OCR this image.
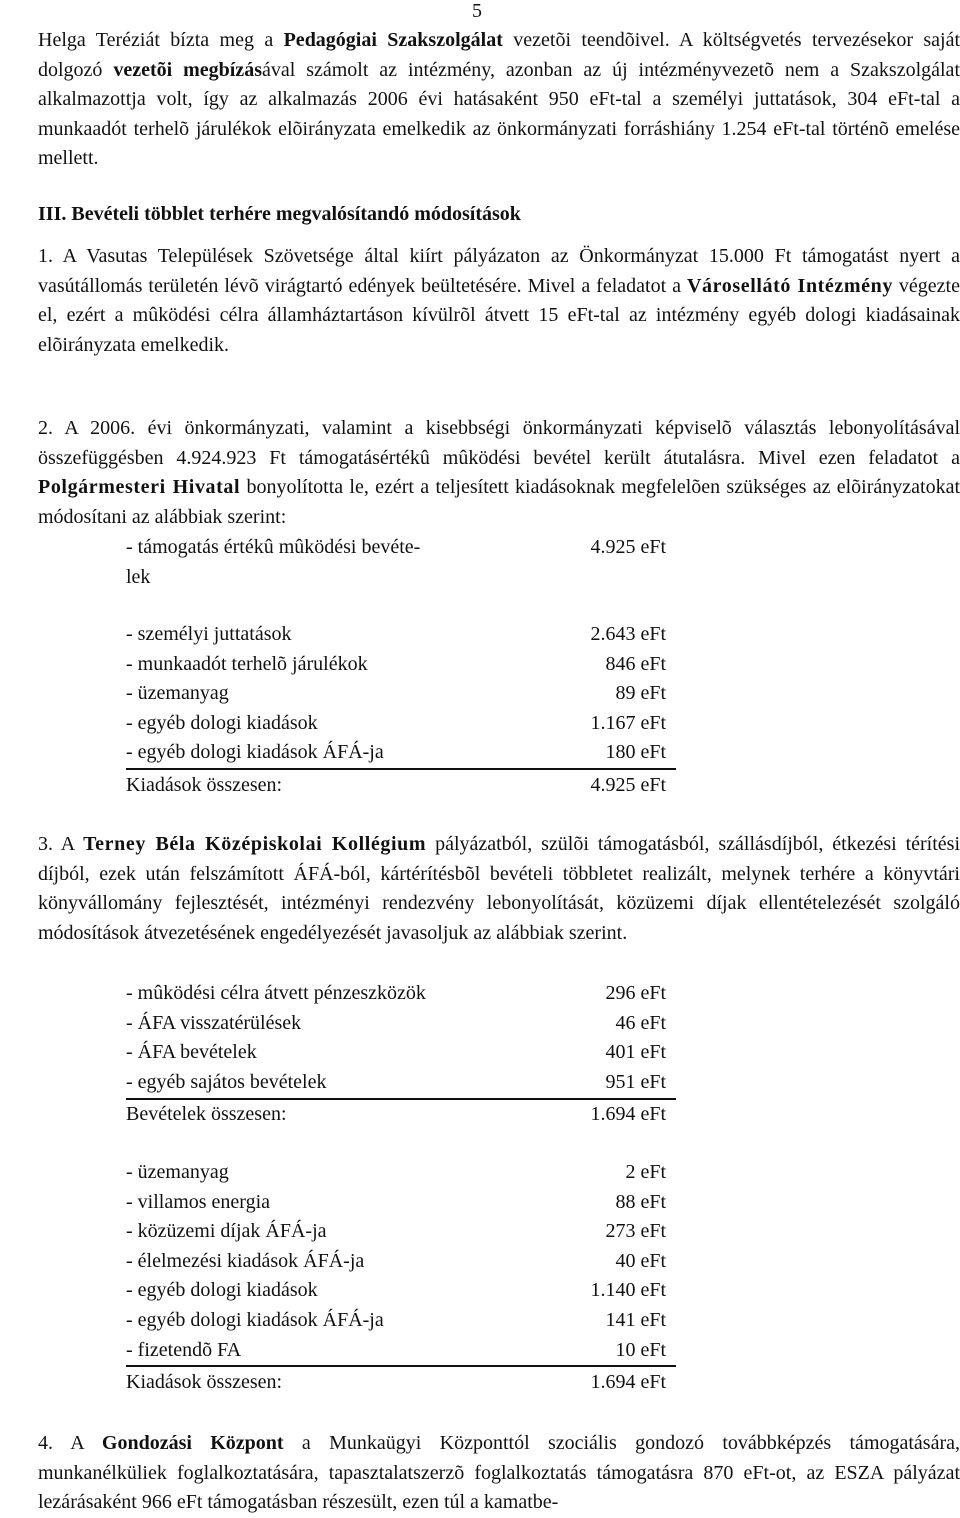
5
Helga Teréziát bízta meg a Pedagógiai Szakszolgálat vezetõi teendõivel. A költségvetés tervezésekor saját dolgozó vezetõi megbízásával számolt az intézmény, azonban az új intézményvezetõ nem a Szakszolgálat alkalmazottja volt, így az alkalmazás 2006 évi hatásaként 950 eFt-tal a személyi juttatások, 304 eFt-tal a munkaadót terhelõ járulékok elõirányzata emelkedik az önkormányzati forráshiány 1.254 eFt-tal történõ emelése mellett.
III. Bevételi többlet terhére megvalósítandó módosítások
1. A Vasutas Települések Szövetsége által kiírt pályázaton az Önkormányzat 15.000 Ft támogatást nyert a vasútállomás területén lévõ virágtartó edények beültetésére. Mivel a feladatot a Városellátó Intézmény végezte el, ezért a mûködési célra államháztartáson kívülrõl átvett 15 eFt-tal az intézmény egyéb dologi kiadásainak elõirányzata emelkedik.
2. A 2006. évi önkormányzati, valamint a kisebbségi önkormányzati képviselõ választás lebonyolításával összefüggésben 4.924.923 Ft támogatásértékû mûködési bevétel került átutalásra. Mivel ezen feladatot a Polgármesteri Hivatal bonyolította le, ezért a teljesített kiadásoknak megfelelõen szükséges az elõirányzatokat módosítani az alábbiak szerint:
- támogatás értékû mûködési bevéte-	4.925 eFt
lek
- személyi juttatások	2.643 eFt
- munkaadót terhelõ járulékok	846 eFt
- üzemanyag	89 eFt
- egyéb dologi kiadások	1.167 eFt
- egyéb dologi kiadások ÁFÁ-ja	180 eFt
Kiadások összesen:	4.925 eFt
3. A Terney Béla Középiskolai Kollégium pályázatból, szülõi támogatásból, szállásdíjból, étkezési térítési díjból, ezek után felszámított ÁFÁ-ból, kártérítésbõl bevételi többletet realizált, melynek terhére a könyvtári könyvállomány fejlesztését, intézményi rendezvény lebonyolítását, közüzemi díjak ellentételezését szolgáló módosítások átvezetésének engedélyezését javasoljuk az alábbiak szerint.
- mûködési célra átvett pénzeszközök	296 eFt
- ÁFA visszatérülések	46 eFt
- ÁFA bevételek	401 eFt
- egyéb sajátos bevételek	951 eFt
Bevételek összesen:	1.694 eFt
- üzemanyag	2 eFt
- villamos energia	88 eFt
- közüzemi díjak ÁFÁ-ja	273 eFt
- élelmezési kiadások ÁFÁ-ja	40 eFt
- egyéb dologi kiadások	1.140 eFt
- egyéb dologi kiadások ÁFÁ-ja	141 eFt
- fizetendõ FA	10 eFt
Kiadások összesen:	1.694 eFt
4. A Gondozási Központ a Munkaügyi Központtól szociális gondozó továbbképzés támogatására, munkanélküliek foglalkoztatására, tapasztalatszerzõ foglalkoztatás támogatásra 870 eFt-ot, az ESZA pályázat lezárásaként 966 eFt támogatásban részesült, ezen túl a kamatbe-
